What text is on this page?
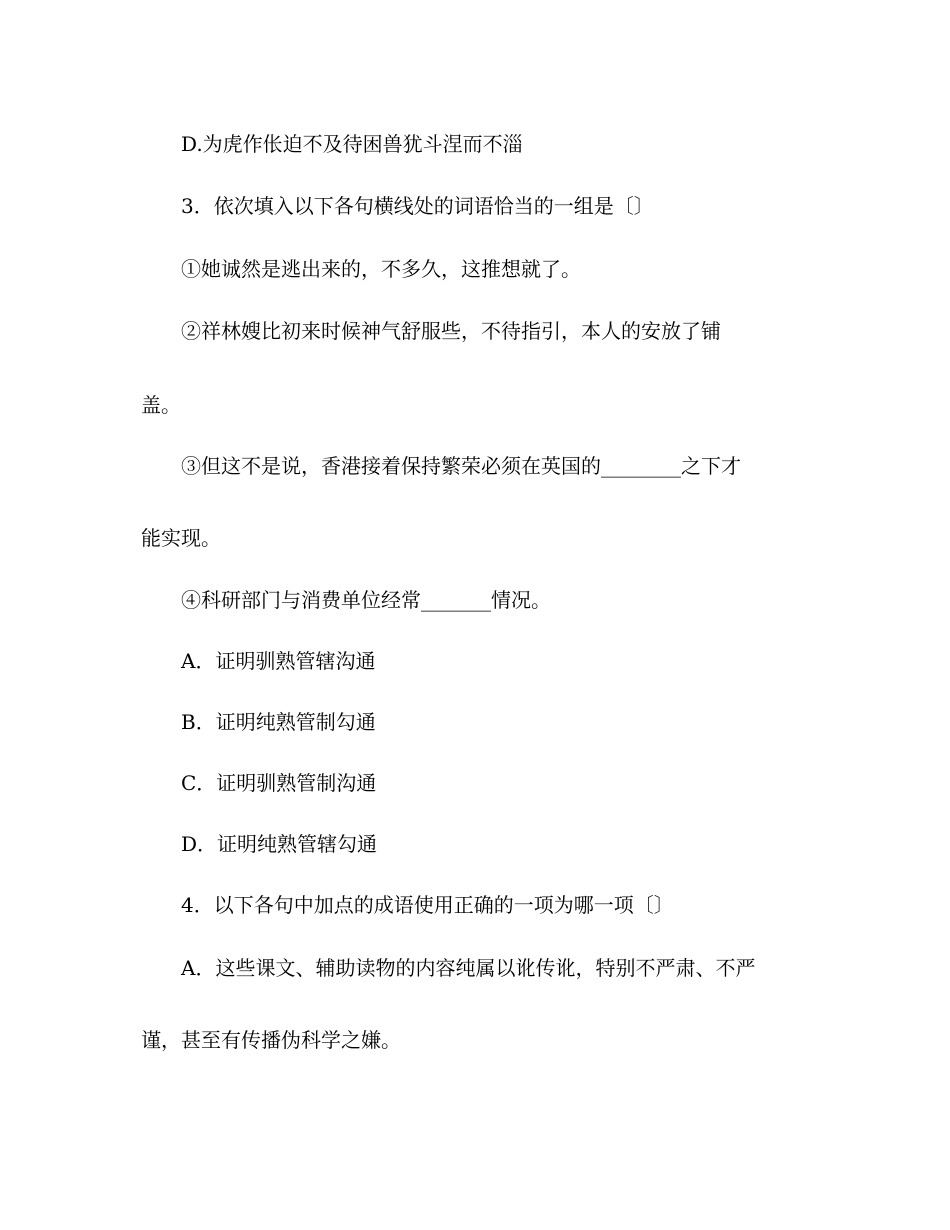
D.为虎作伥迫不及待困兽犹斗涅而不淄
3．依次填入以下各句横线处的词语恰当的一组是〔〕
①她诚然是逃出来的，不多久，这推想就了。
②祥林嫂比初来时候神气舒服些，不待指引，本人的安放了铺
盖。
③但这不是说，香港接着保持繁荣必须在英国的________之下才
能实现。
④科研部门与消费单位经常_______情况。
A．证明驯熟管辖沟通
B．证明纯熟管制勾通
C．证明驯熟管制沟通
D．证明纯熟管辖勾通
4．以下各句中加点的成语使用正确的一项为哪一项〔〕
A．这些课文、辅助读物的内容纯属以讹传讹，特别不严肃、不严
谨，甚至有传播伪科学之嫌。
